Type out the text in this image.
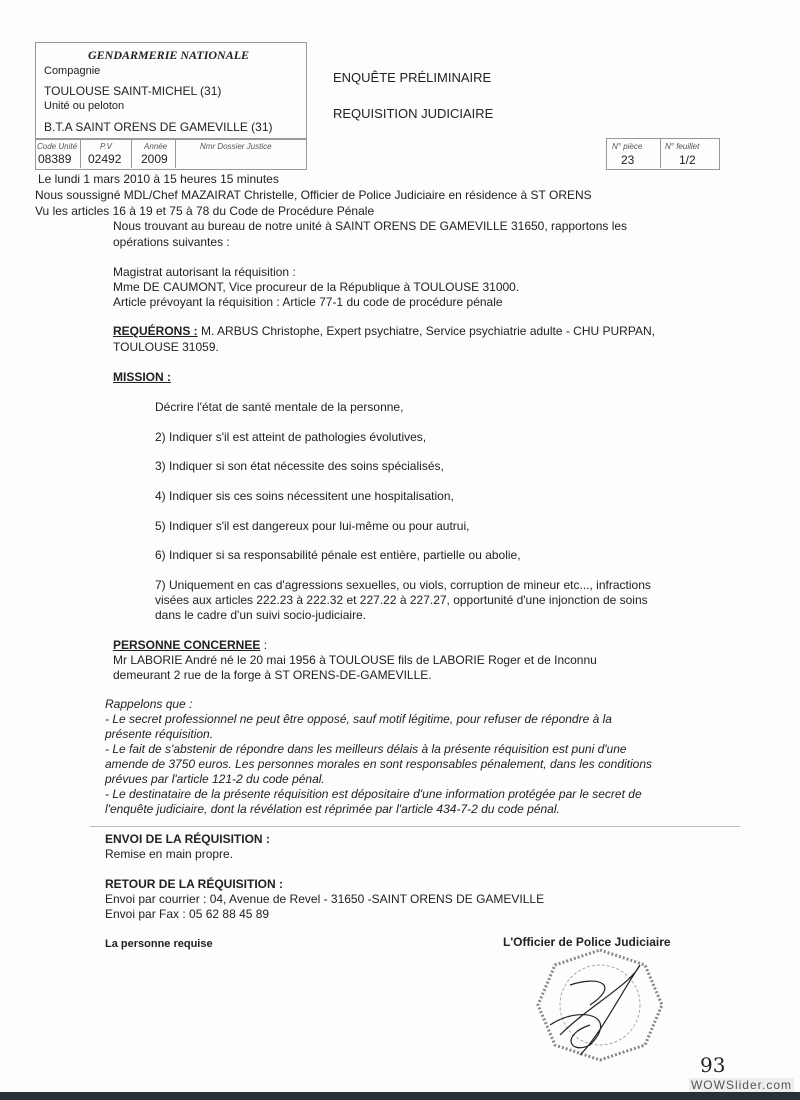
GENDARMERIE NATIONALE
Compagnie
TOULOUSE SAINT-MICHEL (31)
Unité ou peloton
B.T.A SAINT ORENS DE GAMEVILLE (31)
Code Unité
08389
P.V
02492
Année
2009
Nmr Dossier Justice	N° pièce
23
N° feuillet
1/2
ENQUÊTE PRÉLIMINAIRE
REQUISITION JUDICIAIRE
Le lundi 1 mars 2010 à 15 heures 15 minutes
Nous soussigné MDL/Chef MAZAIRAT Christelle, Officier de Police Judiciaire en résidence à ST ORENS
Vu les articles 16 à 19 et 75 à 78 du Code de Procédure Pénale
Nous trouvant au bureau de notre unité à SAINT ORENS DE GAMEVILLE 31650, rapportons les
opérations suivantes :
Magistrat autorisant la réquisition :
Mme DE CAUMONT, Vice procureur de la République à TOULOUSE 31000.
Article prévoyant la réquisition : Article 77-1 du code de procédure pénale
REQUÉRONS : M. ARBUS Christophe, Expert psychiatre, Service psychiatrie adulte - CHU PURPAN,
TOULOUSE 31059.
MISSION :
Décrire l'état de santé mentale de la personne,
2) Indiquer s'il est atteint de pathologies évolutives,
3) Indiquer si son état nécessite des soins spécialisés,
4) Indiquer sis ces soins nécessitent une hospitalisation,
5) Indiquer s'il est dangereux pour lui-même ou pour autrui,
6) Indiquer si sa responsabilité pénale est entière, partielle ou abolie,
7) Uniquement en cas d'agressions sexuelles, ou viols, corruption de mineur etc..., infractions
visées aux articles 222.23 à 222.32 et 227.22 à 227.27, opportunité d'une injonction de soins
dans le cadre d'un suivi socio-judiciaire.
PERSONNE CONCERNEE :
Mr LABORIE André né le 20 mai 1956 à TOULOUSE fils de LABORIE Roger et de Inconnu
demeurant 2 rue de la forge à ST ORENS-DE-GAMEVILLE.
Rappelons que :
- Le secret professionnel ne peut être opposé, sauf motif légitime, pour refuser de répondre à la
présente réquisition.
- Le fait de s'abstenir de répondre dans les meilleurs délais à la présente réquisition est puni d'une
amende de 3750 euros. Les personnes morales en sont responsables pénalement, dans les conditions
prévues par l'article 121-2 du code pénal.
- Le destinataire de la présente réquisition est dépositaire d'une information protégée par le secret de
l'enquête judiciaire, dont la révélation est réprimée par l'article 434-7-2 du code pénal.
ENVOI DE LA RÉQUISITION :
Remise en main propre.
RETOUR DE LA RÉQUISITION :
Envoi par courrier : 04, Avenue de Revel - 31650 -SAINT ORENS DE GAMEVILLE
Envoi par Fax : 05 62 88 45 89
La personne requise	L'Officier de Police Judiciaire
93
WOWSlider.com
